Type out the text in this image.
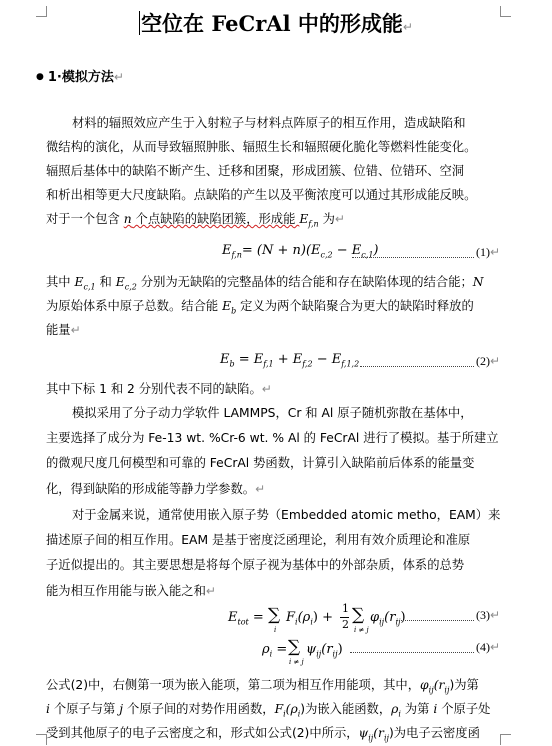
空位在 FeCrAl 中的形成能↵
● 1·模拟方法↵
材料的辐照效应产生于入射粒子与材料点阵原子的相互作用，造成缺陷和
微结构的演化，从而导致辐照肿胀、辐照生长和辐照硬化脆化等燃料性能变化。
辐照后基体中的缺陷不断产生、迁移和团聚，形成团簇、位错、位错环、空洞
和析出相等更大尺度缺陷。点缺陷的产生以及平衡浓度可以通过其形成能反映。
对于一个包含 n 个点缺陷的缺陷团簇，形成能 $E_{f,n}$ 为↵
$E_{f,n}= (N + n)(E_{c,2} - E_{c,1})$	(1)↵
其中 $E_{c,1}$ 和 $E_{c,2}$ 分别为无缺陷的完整晶体的结合能和存在缺陷体现的结合能；N
为原始体系中原子总数。结合能 $E_b$ 定义为两个缺陷聚合为更大的缺陷时释放的
能量↵
$E_b = E_{f,1} + E_{f,2} - E_{f,1,2}$	(2)↵
其中下标 1 和 2 分别代表不同的缺陷。↵
模拟采用了分子动力学软件 LAMMPS，Cr 和 Al 原子随机弥散在基体中，
主要选择了成分为 Fe-13 wt. %Cr-6 wt. % Al 的 FeCrAl 进行了模拟。基于所建立
的微观尺度几何模型和可靠的 FeCrAl 势函数，计算引入缺陷前后体系的能量变
化，得到缺陷的形成能等静力学参数。↵
对于金属来说，通常使用嵌入原子势（Embedded atomic metho，EAM）来
描述原子间的相互作用。EAM 是基于密度泛函理论，利用有效介质理论和准原
子近似提出的。其主要思想是将每个原子视为基体中的外部杂质，体系的总势
能为相互作用能与嵌入能之和↵
$E_{tot}$ = ∑
i
$F_i(\rho_i)$ +
1
2 ∑
i ≠ j
$\varphi_{ij}(r_{ij})$	(3)↵
$\rho_i$ = ∑
i ≠ j
$\psi_{ij}(r_{ij})$	(4)↵
公式(2)中，右侧第一项为嵌入能项，第二项为相互作用能项，其中，$\varphi_{ij}(r_{ij})$为第
i 个原子与第 j 个原子间的对势作用函数，$F_i(\rho_i)$为嵌入能函数，$\rho_i$ 为第 i 个原子处
受到其他原子的电子云密度之和，形式如公式(2)中所示，$\psi_{ij}(r_{ij})$为电子云密度函
